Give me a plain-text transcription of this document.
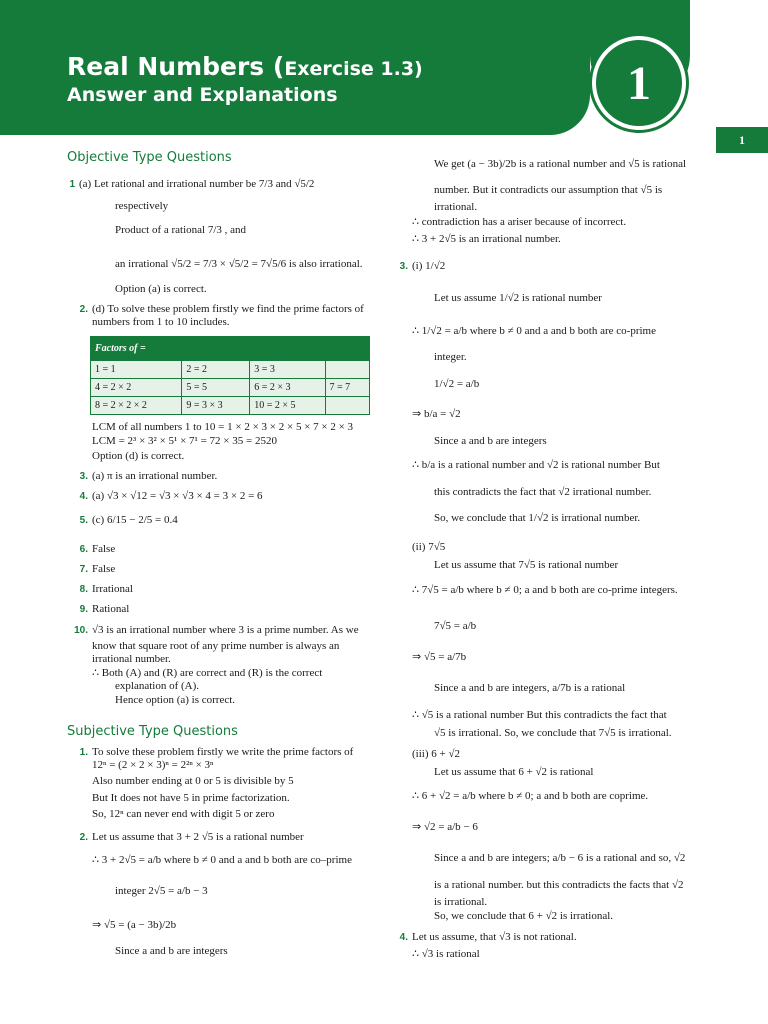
Real Numbers (Exercise 1.3)
Answer and Explanations	1
1
Objective Type Questions
Subjective Type Questions
Factors of =			
1 = 1	2 = 2	3 = 3	
4 = 2 × 2	5 = 5	6 = 2 × 3	7 = 7
8 = 2 × 2 × 2	9 = 3 × 3	10 = 2 × 5	
1 (a) Let rational and irrational number be 7/3 and √5/2
respectively
Product of a rational 7/3 , and
an irrational √5/2 = 7/3 × √5/2 = 7√5/6 is also irrational.
Option (a) is correct.
2. (d) To solve these problem firstly we find the prime factors of
numbers from 1 to 10 includes.
LCM of all numbers 1 to 10 = 1 × 2 × 3 × 2 × 5 × 7 × 2 × 3
LCM = 2³ × 3² × 5¹ × 7¹ = 72 × 35 = 2520
Option (d) is correct.
3. (a) π is an irrational number.
4. (a) √3 × √12 = √3 × √3 × 4 = 3 × 2 = 6
5. (c) 6/15 − 2/5 = 0.4
6. False
7. False
8. Irrational
9. Rational
10. √3 is an irrational number where 3 is a prime number. As we
know that square root of any prime number is always an
irrational number.
∴ Both (A) and (R) are correct and (R) is the correct
explanation of (A).
Hence option (a) is correct.
1. To solve these problem firstly we write the prime factors of
12ⁿ = (2 × 2 × 3)ⁿ = 2²ⁿ × 3ⁿ
Also number ending at 0 or 5 is divisible by 5
But It does not have 5 in prime factorization.
So, 12ⁿ can never end with digit 5 or zero
2. Let us assume that 3 + 2 √5 is a rational number
∴ 3 + 2√5 = a/b where b ≠ 0 and a and b both are co–prime
integer 2√5 = a/b − 3
⇒ √5 = (a − 3b)/2b
Since a and b are integers
We get (a − 3b)/2b is a rational number and √5 is rational
number. But it contradicts our assumption that √5 is
irrational.
∴ contradiction has a ariser because of incorrect.
∴ 3 + 2√5 is an irrational number.
3. (i) 1/√2
Let us assume 1/√2 is rational number
∴ 1/√2 = a/b where b ≠ 0 and a and b both are co-prime
integer.
1/√2 = a/b
⇒ b/a = √2
Since a and b are integers
∴ b/a is a rational number and √2 is rational number But
this contradicts the fact that √2 irrational number.
So, we conclude that 1/√2 is irrational number.
(ii) 7√5
Let us assume that 7√5 is rational number
∴ 7√5 = a/b where b ≠ 0; a and b both are co-prime integers.
7√5 = a/b
⇒ √5 = a/7b
Since a and b are integers, a/7b is a rational
∴ √5 is a rational number But this contradicts the fact that
√5 is irrational. So, we conclude that 7√5 is irrational.
(iii) 6 + √2
Let us assume that 6 + √2 is rational
∴ 6 + √2 = a/b where b ≠ 0; a and b both are coprime.
⇒ √2 = a/b − 6
Since a and b are integers; a/b − 6 is a rational and so, √2
is a rational number. but this contradicts the facts that √2
is irrational.
So, we conclude that 6 + √2 is irrational.
4. Let us assume, that √3 is not rational.
∴ √3 is rational
